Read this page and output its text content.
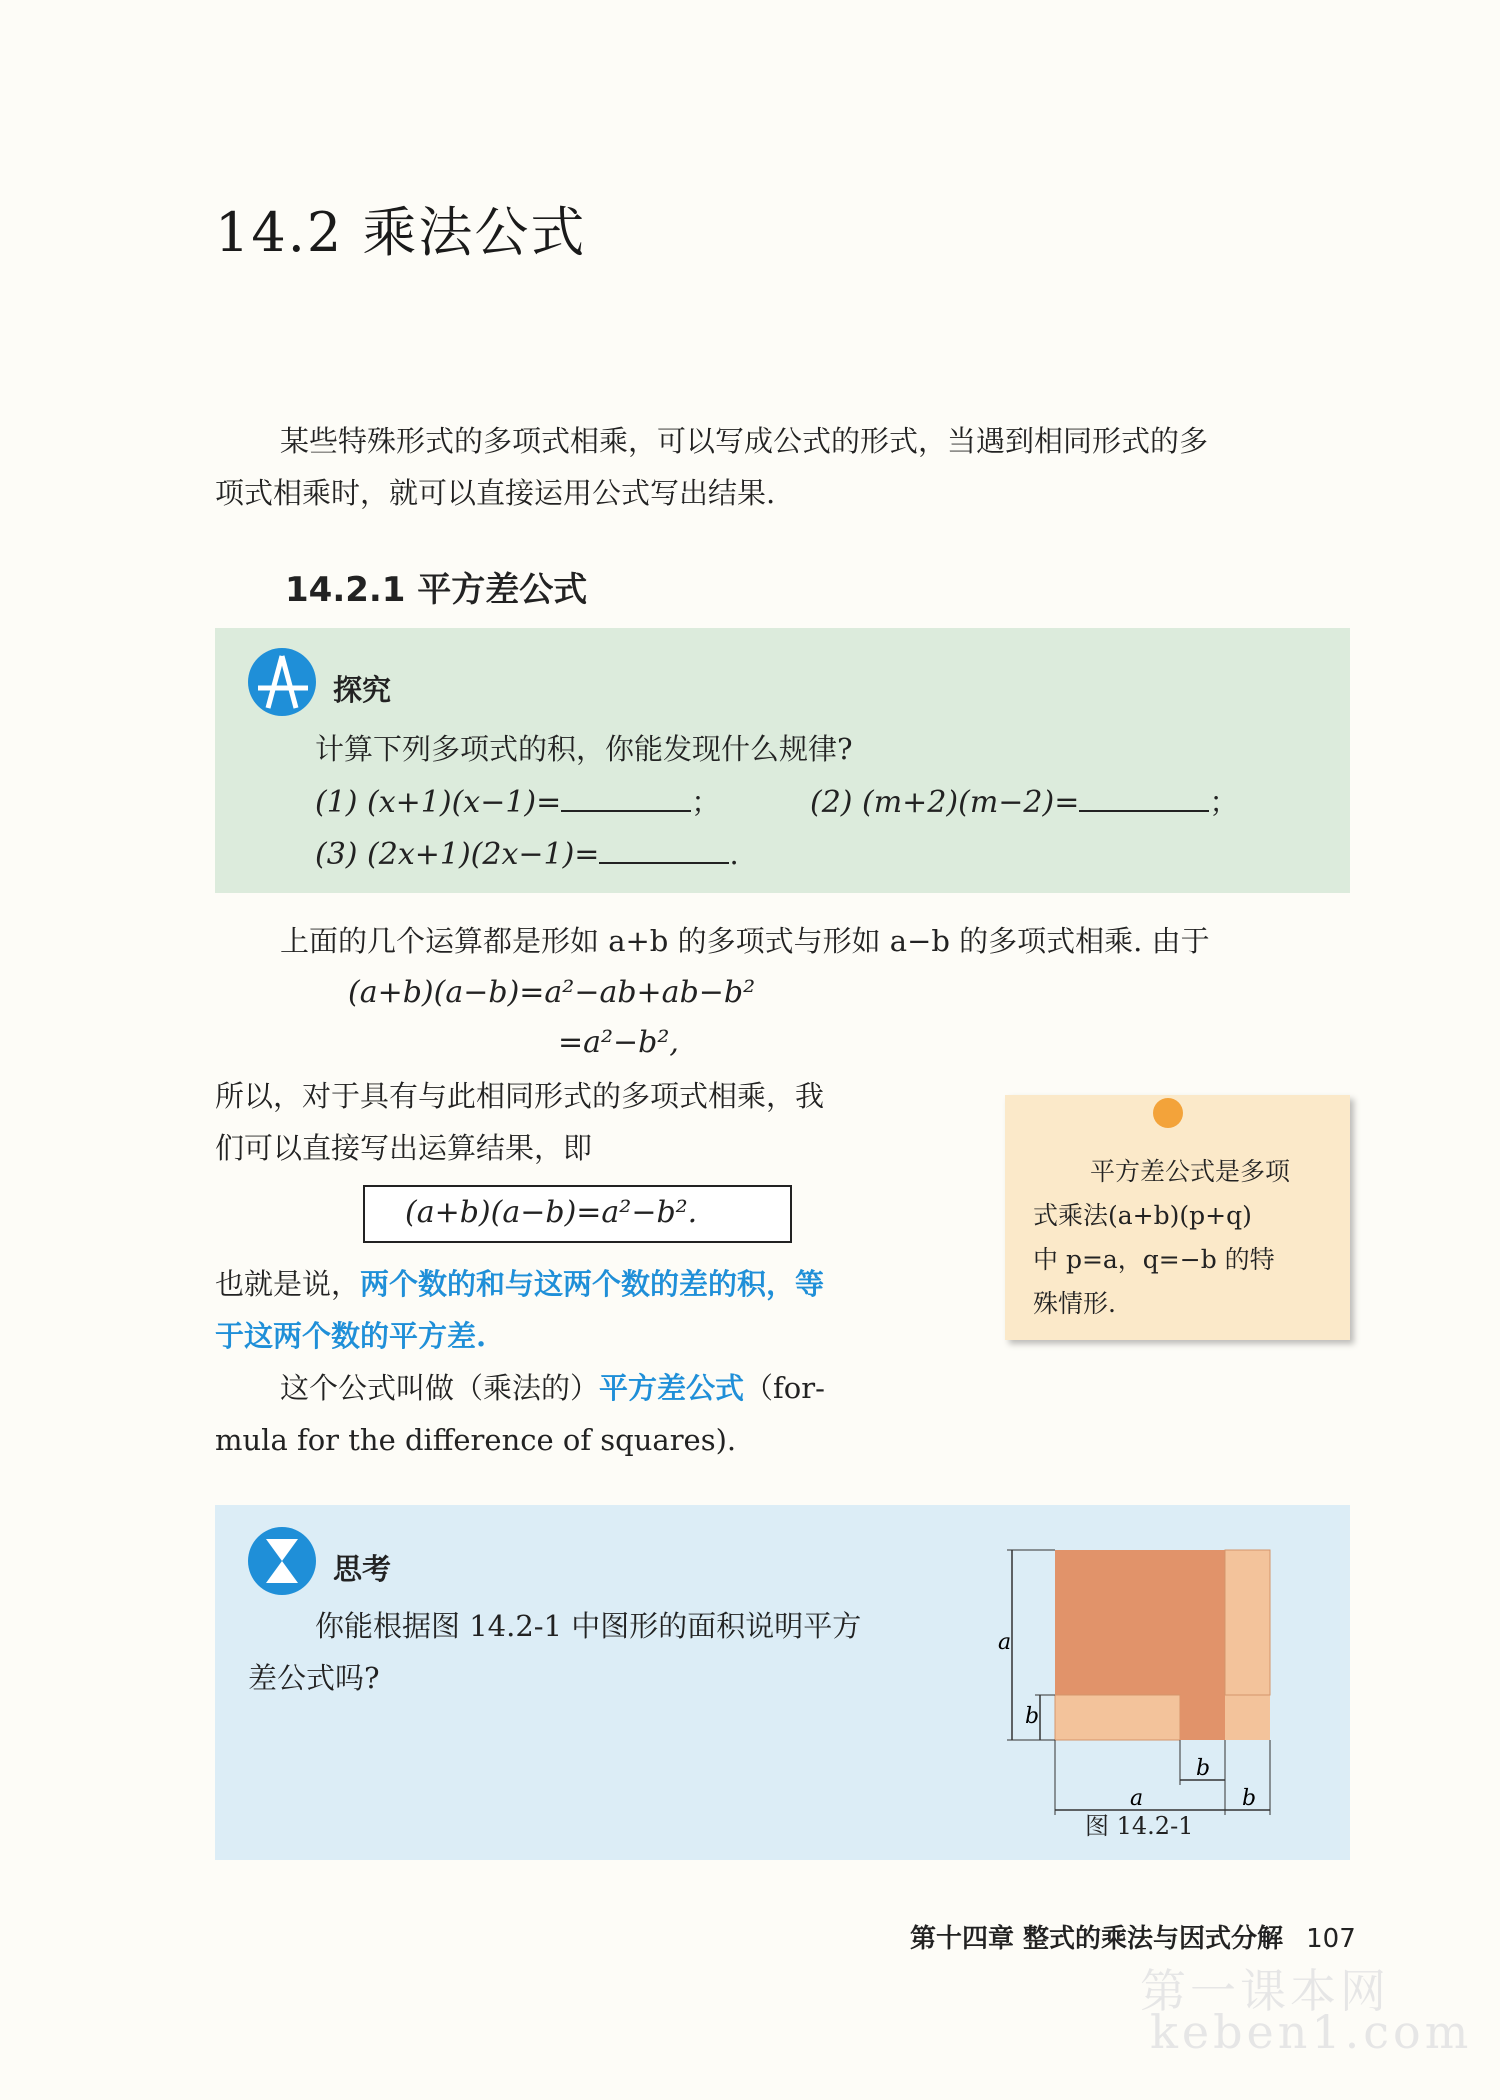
14.2 乘法公式
某些特殊形式的多项式相乘，可以写成公式的形式，当遇到相同形式的多
项式相乘时，就可以直接运用公式写出结果.
14.2.1 平方差公式
探究
计算下列多项式的积，你能发现什么规律?
(1) (x+1)(x−1)=	；	(2) (m+2)(m−2)=	；
(3) (2x+1)(2x−1)=	.
上面的几个运算都是形如 a+b 的多项式与形如 a−b 的多项式相乘. 由于
(a+b)(a−b)=a²−ab+ab−b²
=a²−b²,
所以，对于具有与此相同形式的多项式相乘，我
们可以直接写出运算结果，即
(a+b)(a−b)=a²−b².
也就是说，两个数的和与这两个数的差的积，等
于这两个数的平方差.
这个公式叫做（乘法的）平方差公式（for-
mula for the difference of squares).
平方差公式是多项
式乘法(a+b)(p+q)
中 p=a，q=−b 的特
殊情形.
思考
你能根据图 14.2-1 中图形的面积说明平方
差公式吗?
a
b
b
a	b
图 14.2-1
第十四章 整式的乘法与因式分解 107
第一课本网
keben1.com
